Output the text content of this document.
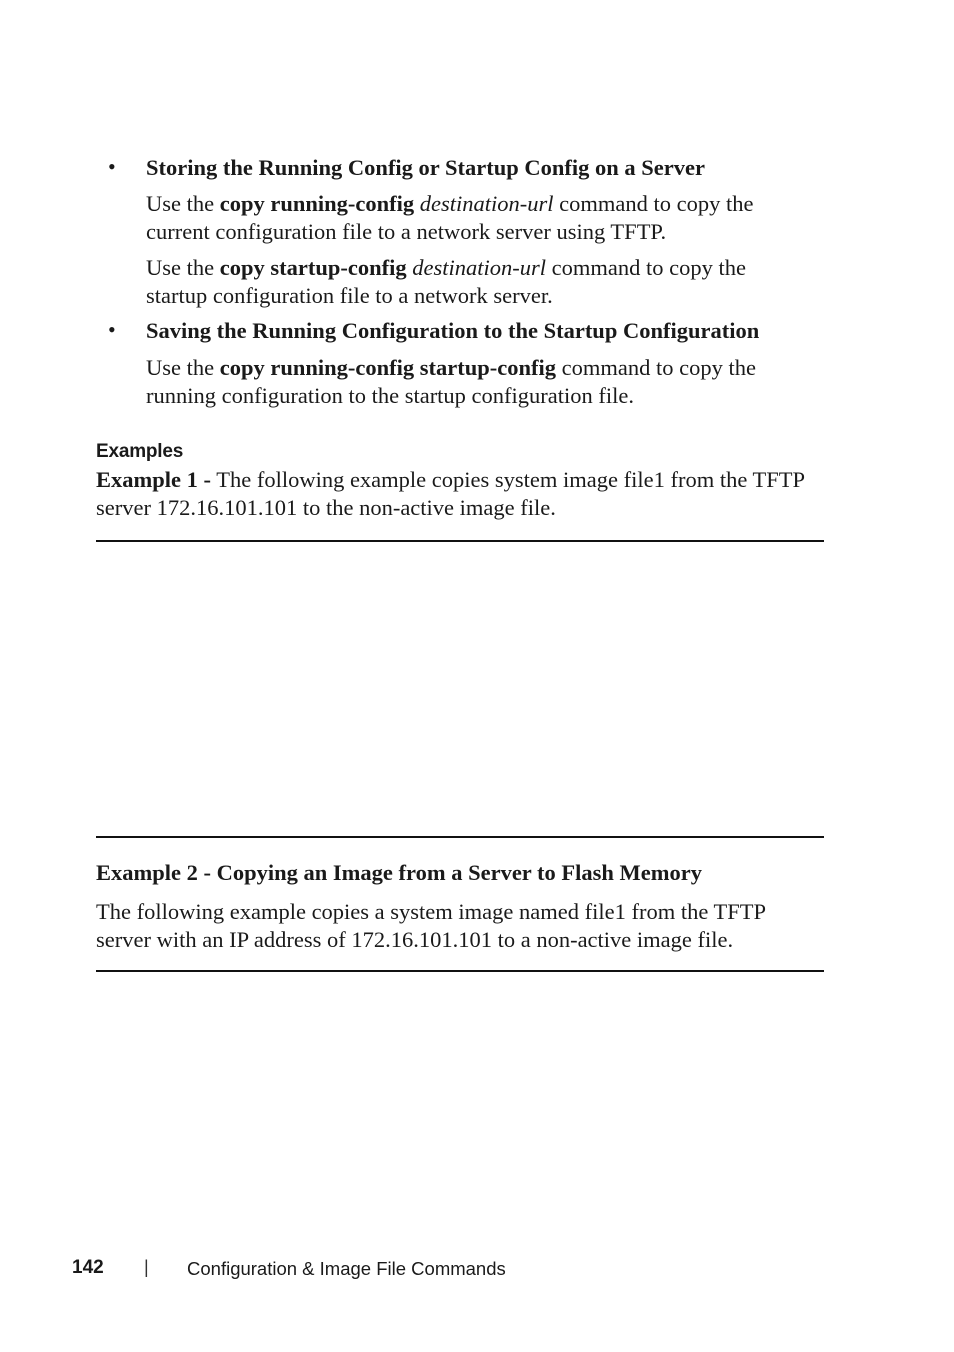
• Storing the Running Config or Startup Config on a Server
Use the copy running-config destination-url command to copy the
current configuration file to a network server using TFTP.
Use the copy startup-config destination-url command to copy the
startup configuration file to a network server.
• Saving the Running Configuration to the Startup Configuration
Use the copy running-config startup-config command to copy the
running configuration to the startup configuration file.
Examples
Example 1 - The following example copies system image file1 from the TFTP
server 172.16.101.101 to the non-active image file.
Example 2 - Copying an Image from a Server to Flash Memory
The following example copies a system image named file1 from the TFTP
server with an IP address of 172.16.101.101 to a non-active image file.
142 | Configuration & Image File Commands
